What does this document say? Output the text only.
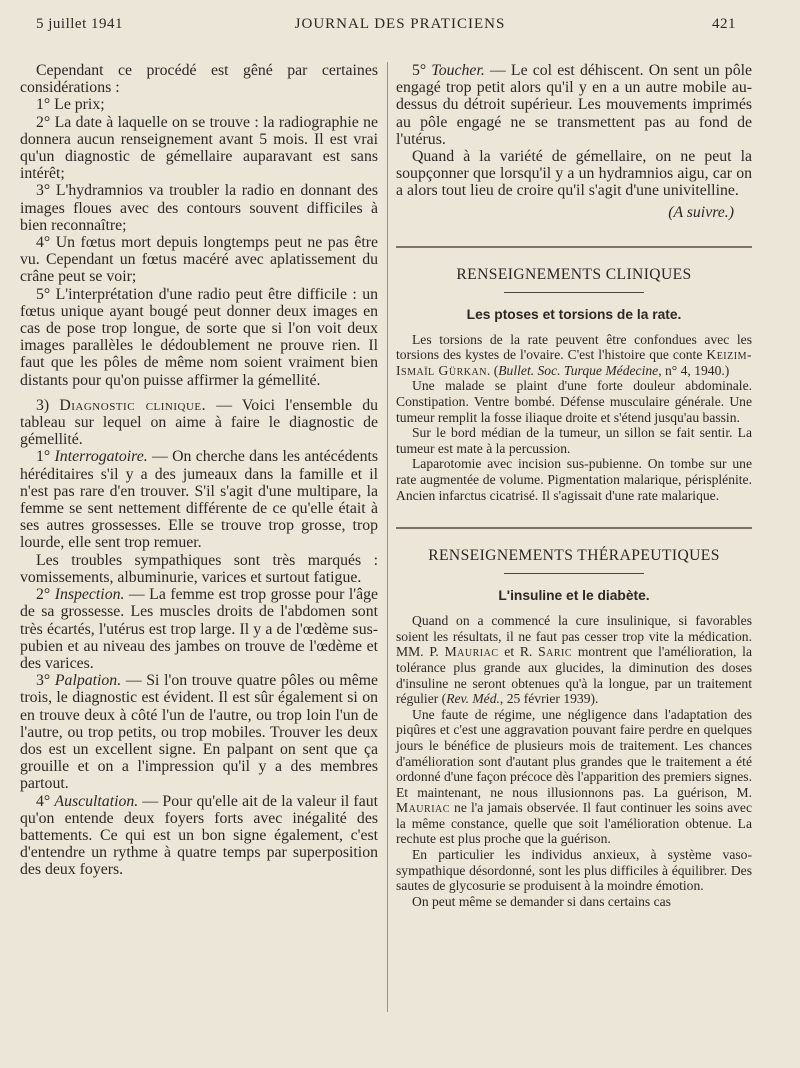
5 juillet 1941	JOURNAL DES PRATICIENS	421

Cependant ce procédé est gêné par certaines considérations :

1° Le prix;

2° La date à laquelle on se trouve : la radiographie ne donnera aucun renseignement avant 5 mois. Il est vrai qu'un diagnostic de gémellaire auparavant est sans intérêt;

3° L'hydramnios va troubler la radio en donnant des images floues avec des contours souvent difficiles à bien reconnaître;

4° Un fœtus mort depuis longtemps peut ne pas être vu. Cependant un fœtus macéré avec aplatissement du crâne peut se voir;

5° L'interprétation d'une radio peut être difficile : un fœtus unique ayant bougé peut donner deux images en cas de pose trop longue, de sorte que si l'on voit deux images parallèles le dédoublement ne prouve rien. Il faut que les pôles de même nom soient vraiment bien distants pour qu'on puisse affirmer la gémellité.

3) Diagnostic clinique. — Voici l'ensemble du tableau sur lequel on aime à faire le diagnostic de gémellité.

1° Interrogatoire. — On cherche dans les antécédents héréditaires s'il y a des jumeaux dans la famille et il n'est pas rare d'en trouver. S'il s'agit d'une multipare, la femme se sent nettement différente de ce qu'elle était à ses autres grossesses. Elle se trouve trop grosse, trop lourde, elle sent trop remuer.

Les troubles sympathiques sont très marqués : vomissements, albuminurie, varices et surtout fatigue.

2° Inspection. — La femme est trop grosse pour l'âge de sa grossesse. Les muscles droits de l'abdomen sont très écartés, l'utérus est trop large. Il y a de l'œdème sus-pubien et au niveau des jambes on trouve de l'œdème et des varices.

3° Palpation. — Si l'on trouve quatre pôles ou même trois, le diagnostic est évident. Il est sûr également si on en trouve deux à côté l'un de l'autre, ou trop loin l'un de l'autre, ou trop petits, ou trop mobiles. Trouver les deux dos est un excellent signe. En palpant on sent que ça grouille et on a l'impression qu'il y a des membres partout.

4° Auscultation. — Pour qu'elle ait de la valeur il faut qu'on entende deux foyers forts avec inégalité des battements. Ce qui est un bon signe également, c'est d'entendre un rythme à quatre temps par superposition des deux foyers.

5° Toucher. — Le col est déhiscent. On sent un pôle engagé trop petit alors qu'il y en a un autre mobile au-dessus du détroit supérieur. Les mouvements imprimés au pôle engagé ne se transmettent pas au fond de l'utérus.

Quand à la variété de gémellaire, on ne peut la soupçonner que lorsqu'il y a un hydramnios aigu, car on a alors tout lieu de croire qu'il s'agit d'une univitelline.

(A suivre.)
RENSEIGNEMENTS CLINIQUES
Les ptoses et torsions de la rate.

Les torsions de la rate peuvent être confondues avec les torsions des kystes de l'ovaire. C'est l'histoire que conte Keizim-Ismaïl Gürkan. (Bullet. Soc. Turque Médecine, n° 4, 1940.)

Une malade se plaint d'une forte douleur abdominale. Constipation. Ventre bombé. Défense musculaire générale. Une tumeur remplit la fosse iliaque droite et s'étend jusqu'au bassin.

Sur le bord médian de la tumeur, un sillon se fait sentir. La tumeur est mate à la percussion.

Laparotomie avec incision sus-pubienne. On tombe sur une rate augmentée de volume. Pigmentation malarique, périsplénite. Ancien infarctus cicatrisé. Il s'agissait d'une rate malarique.

RENSEIGNEMENTS THÉRAPEUTIQUES
L'insuline et le diabète.

Quand on a commencé la cure insulinique, si favorables soient les résultats, il ne faut pas cesser trop vite la médication. MM. P. Mauriac et R. Saric montrent que l'amélioration, la tolérance plus grande aux glucides, la diminution des doses d'insuline ne seront obtenues qu'à la longue, par un traitement régulier (Rev. Méd., 25 février 1939).

Une faute de régime, une négligence dans l'adaptation des piqûres et c'est une aggravation pouvant faire perdre en quelques jours le bénéfice de plusieurs mois de traitement. Les chances d'amélioration sont d'autant plus grandes que le traitement a été ordonné d'une façon précoce dès l'apparition des premiers signes. Et maintenant, ne nous illusionnons pas. La guérison, M. Mauriac ne l'a jamais observée. Il faut continuer les soins avec la même constance, quelle que soit l'amélioration obtenue. La rechute est plus proche que la guérison.

En particulier les individus anxieux, à système vaso-sympathique désordonné, sont les plus difficiles à équilibrer. Des sautes de glycosurie se produisent à la moindre émotion.

On peut même se demander si dans certains cas
